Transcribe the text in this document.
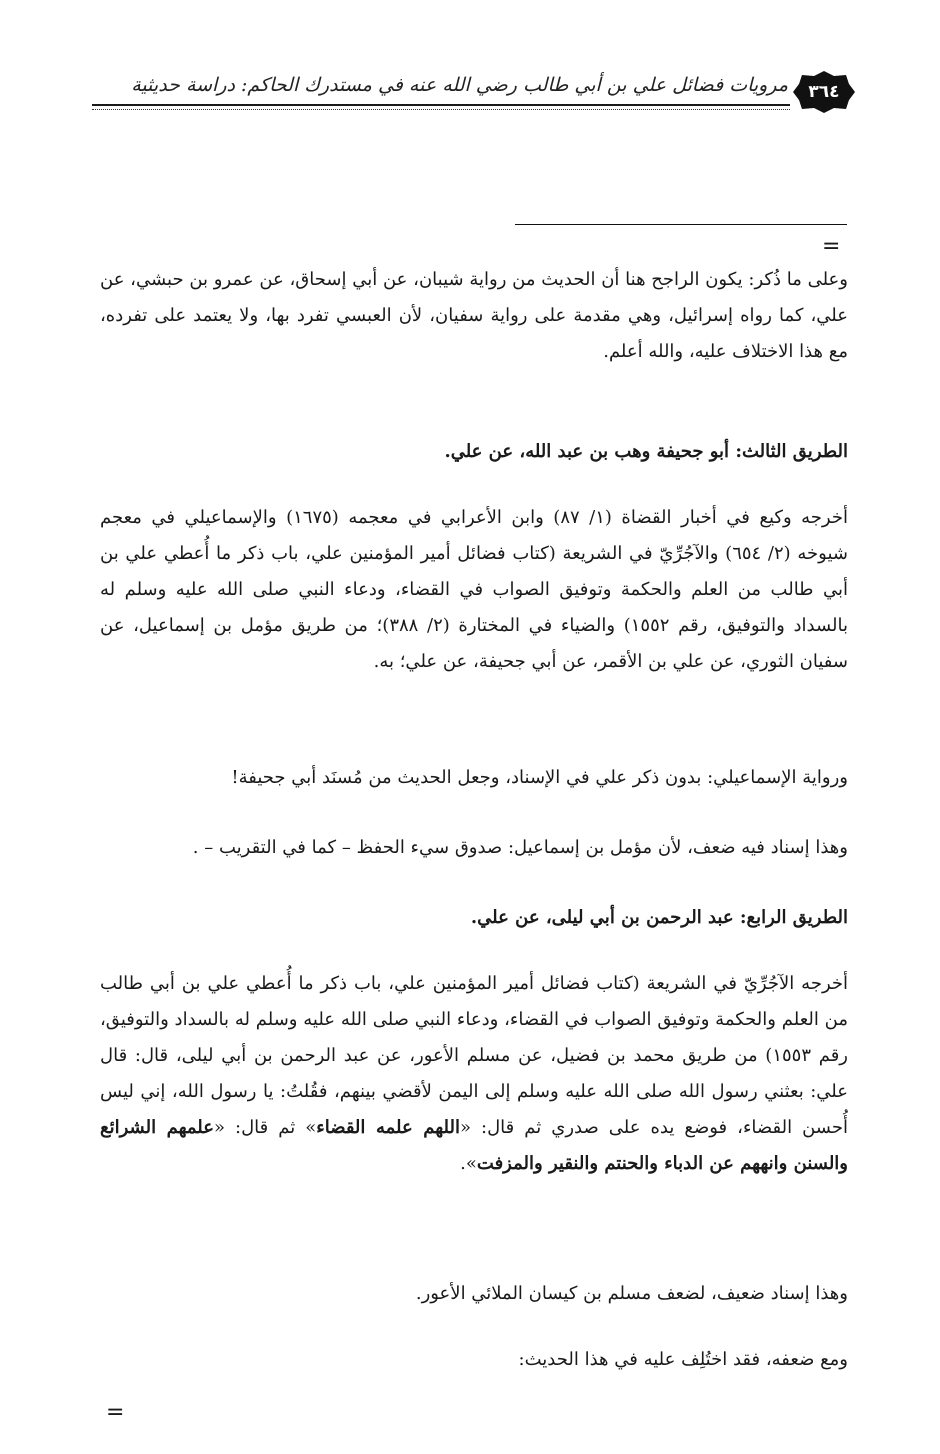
مرويات فضائل علي بن أبي طالب رضي الله عنه في مستدرك الحاكم: دراسة حديثية	٣٦٤
=

وعلى ما ذُكر: يكون الراجح هنا أن الحديث من رواية شيبان، عن أبي إسحاق، عن عمرو بن حبشي، عن علي، كما رواه إسرائيل، وهي مقدمة على رواية سفيان، لأن العبسي تفرد بها، ولا يعتمد على تفرده، مع هذا الاختلاف عليه، والله أعلم.

الطريق الثالث: أبو جحيفة وهب بن عبد الله، عن علي.

أخرجه وكيع في أخبار القضاة (١/ ٨٧) وابن الأعرابي في معجمه (١٦٧٥) والإسماعيلي في معجم شيوخه (٢/ ٦٥٤) والآجُرِّيّ في الشريعة (كتاب فضائل أمير المؤمنين علي، باب ذكر ما أُعطي علي بن أبي طالب من العلم والحكمة وتوفيق الصواب في القضاء، ودعاء النبي صلى الله عليه وسلم له بالسداد والتوفيق، رقم ١٥٥٢) والضياء في المختارة (٢/ ٣٨٨)؛ من طريق مؤمل بن إسماعيل، عن سفيان الثوري، عن علي بن الأقمر، عن أبي جحيفة، عن علي؛ به.

ورواية الإسماعيلي: بدون ذكر علي في الإسناد، وجعل الحديث من مُسنَد أبي جحيفة!

وهذا إسناد فيه ضعف، لأن مؤمل بن إسماعيل: صدوق سيء الحفظ – كما في التقريب – .

الطريق الرابع: عبد الرحمن بن أبي ليلى، عن علي.

أخرجه الآجُرِّيّ في الشريعة (كتاب فضائل أمير المؤمنين علي، باب ذكر ما أُعطي علي بن أبي طالب من العلم والحكمة وتوفيق الصواب في القضاء، ودعاء النبي صلى الله عليه وسلم له بالسداد والتوفيق، رقم ١٥٥٣) من طريق محمد بن فضيل، عن مسلم الأعور، عن عبد الرحمن بن أبي ليلى، قال: قال علي: بعثني رسول الله صلى الله عليه وسلم إلى اليمن لأقضي بينهم، فقُلتُ: يا رسول الله، إني ليس أُحسن القضاء، فوضع يده على صدري ثم قال: «اللهم علمه القضاء» ثم قال: «علمهم الشرائع والسنن وانههم عن الدباء والحنتم والنقير والمزفت».

وهذا إسناد ضعيف، لضعف مسلم بن كيسان الملائي الأعور.

ومع ضعفه، فقد اختُلِف عليه في هذا الحديث:

=
